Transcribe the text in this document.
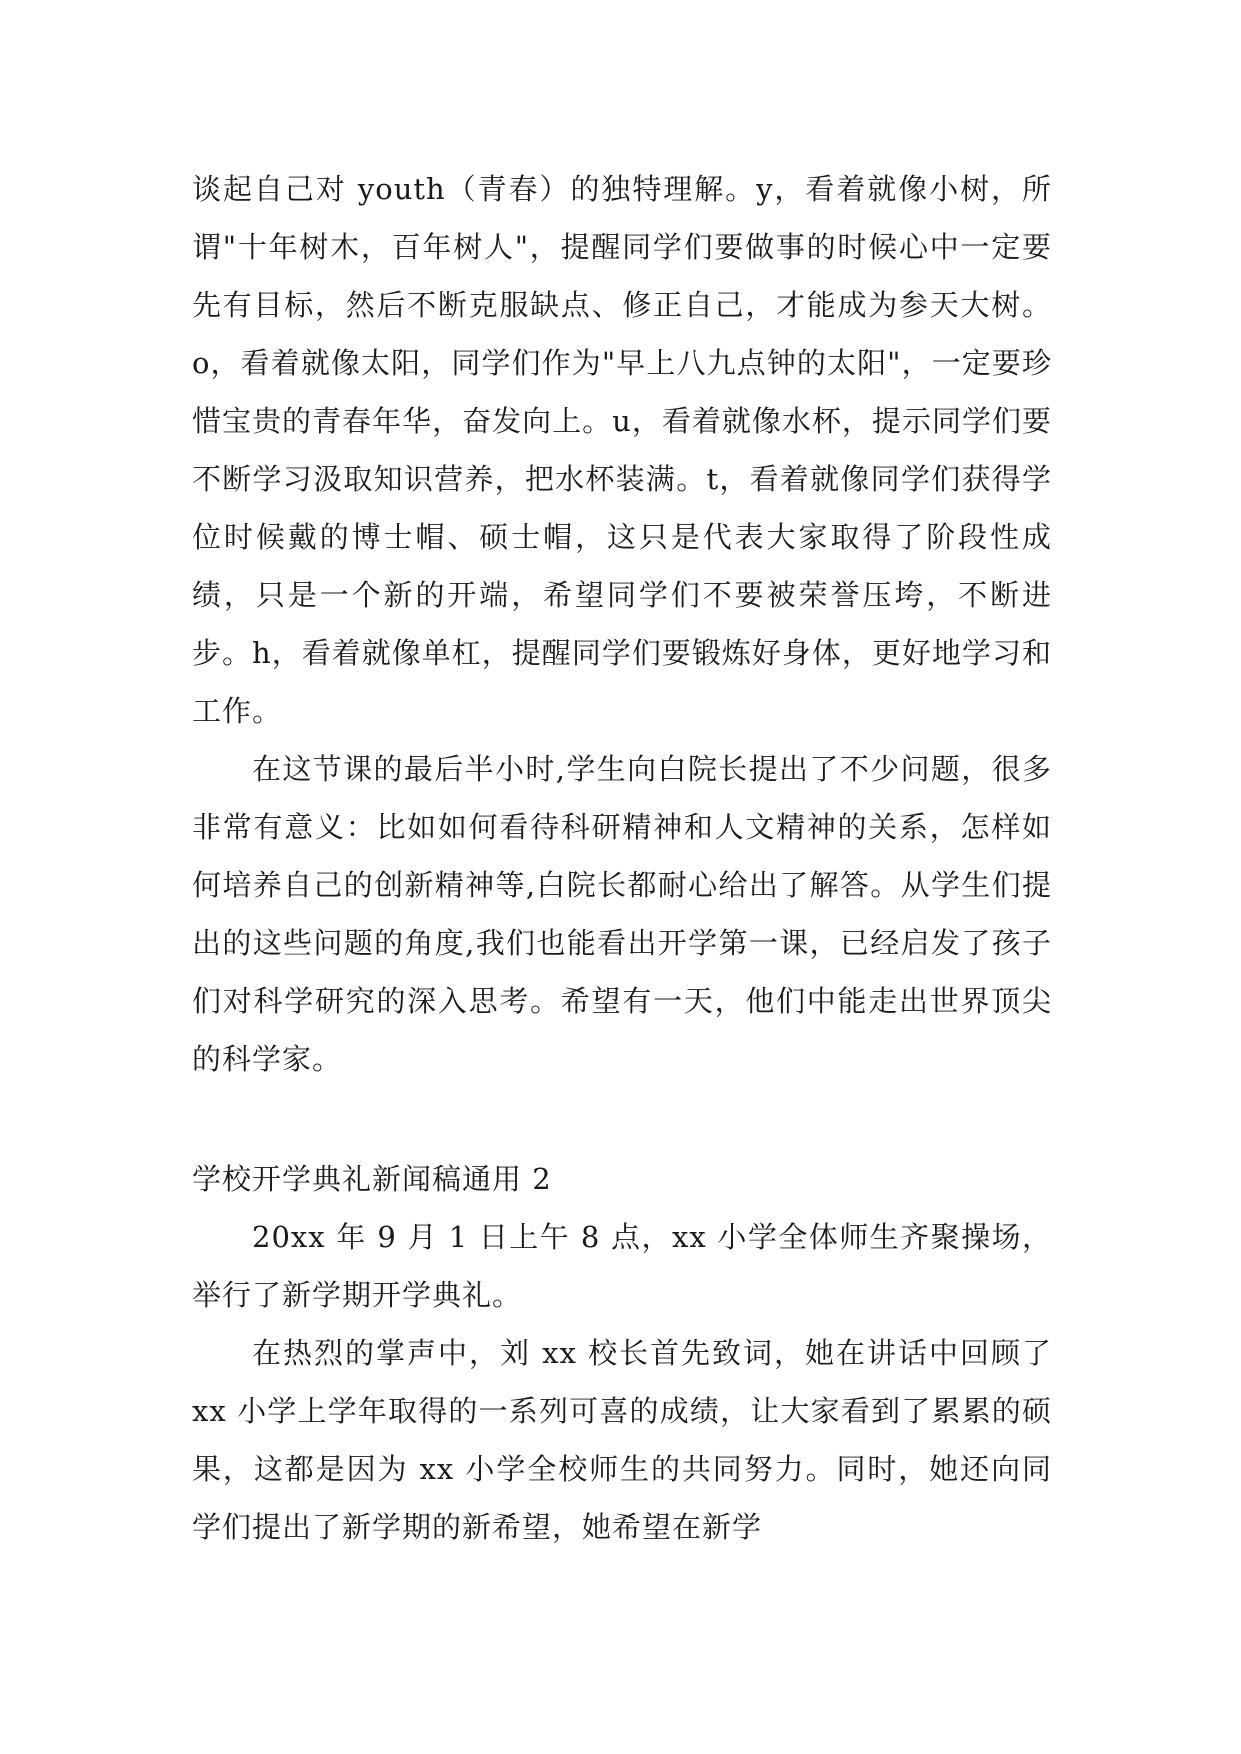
谈起自己对 youth（青春）的独特理解。y，看着就像小树，所谓"十年树木，百年树人"，提醒同学们要做事的时候心中一定要先有目标，然后不断克服缺点、修正自己，才能成为参天大树。o，看着就像太阳，同学们作为"早上八九点钟的太阳"，一定要珍惜宝贵的青春年华，奋发向上。u，看着就像水杯，提示同学们要不断学习汲取知识营养，把水杯装满。t，看着就像同学们获得学位时候戴的博士帽、硕士帽，这只是代表大家取得了阶段性成绩，只是一个新的开端，希望同学们不要被荣誉压垮，不断进步。h，看着就像单杠，提醒同学们要锻炼好身体，更好地学习和工作。

在这节课的最后半小时,学生向白院长提出了不少问题，很多非常有意义：比如如何看待科研精神和人文精神的关系，怎样如何培养自己的创新精神等,白院长都耐心给出了解答。从学生们提出的这些问题的角度,我们也能看出开学第一课，已经启发了孩子们对科学研究的深入思考。希望有一天，他们中能走出世界顶尖的科学家。

学校开学典礼新闻稿通用 2

20xx 年 9 月 1 日上午 8 点，xx 小学全体师生齐聚操场，举行了新学期开学典礼。

在热烈的掌声中，刘 xx 校长首先致词，她在讲话中回顾了 xx 小学上学年取得的一系列可喜的成绩，让大家看到了累累的硕果，这都是因为 xx 小学全校师生的共同努力。同时，她还向同学们提出了新学期的新希望，她希望在新学
